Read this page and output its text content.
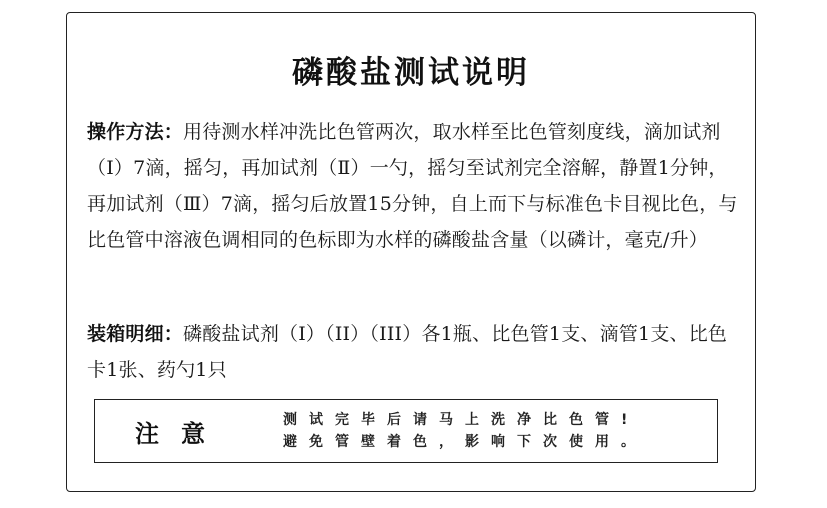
磷酸盐测试说明
操作方法：用待测水样冲洗比色管两次，取水样至比色管刻度线，滴加试剂（I）7滴，摇匀，再加试剂（Ⅱ）一勺，摇匀至试剂完全溶解，静置1分钟，再加试剂（Ⅲ）7滴，摇匀后放置15分钟，自上而下与标准色卡目视比色，与比色管中溶液色调相同的色标即为水样的磷酸盐含量（以磷计，毫克/升）
装箱明细：磷酸盐试剂（I）（II）（III）各1瓶、比色管1支、滴管1支、比色卡1张、药勺1只
注意	测试完毕后请马上洗净比色管!
避免管壁着色，影响下次使用。
